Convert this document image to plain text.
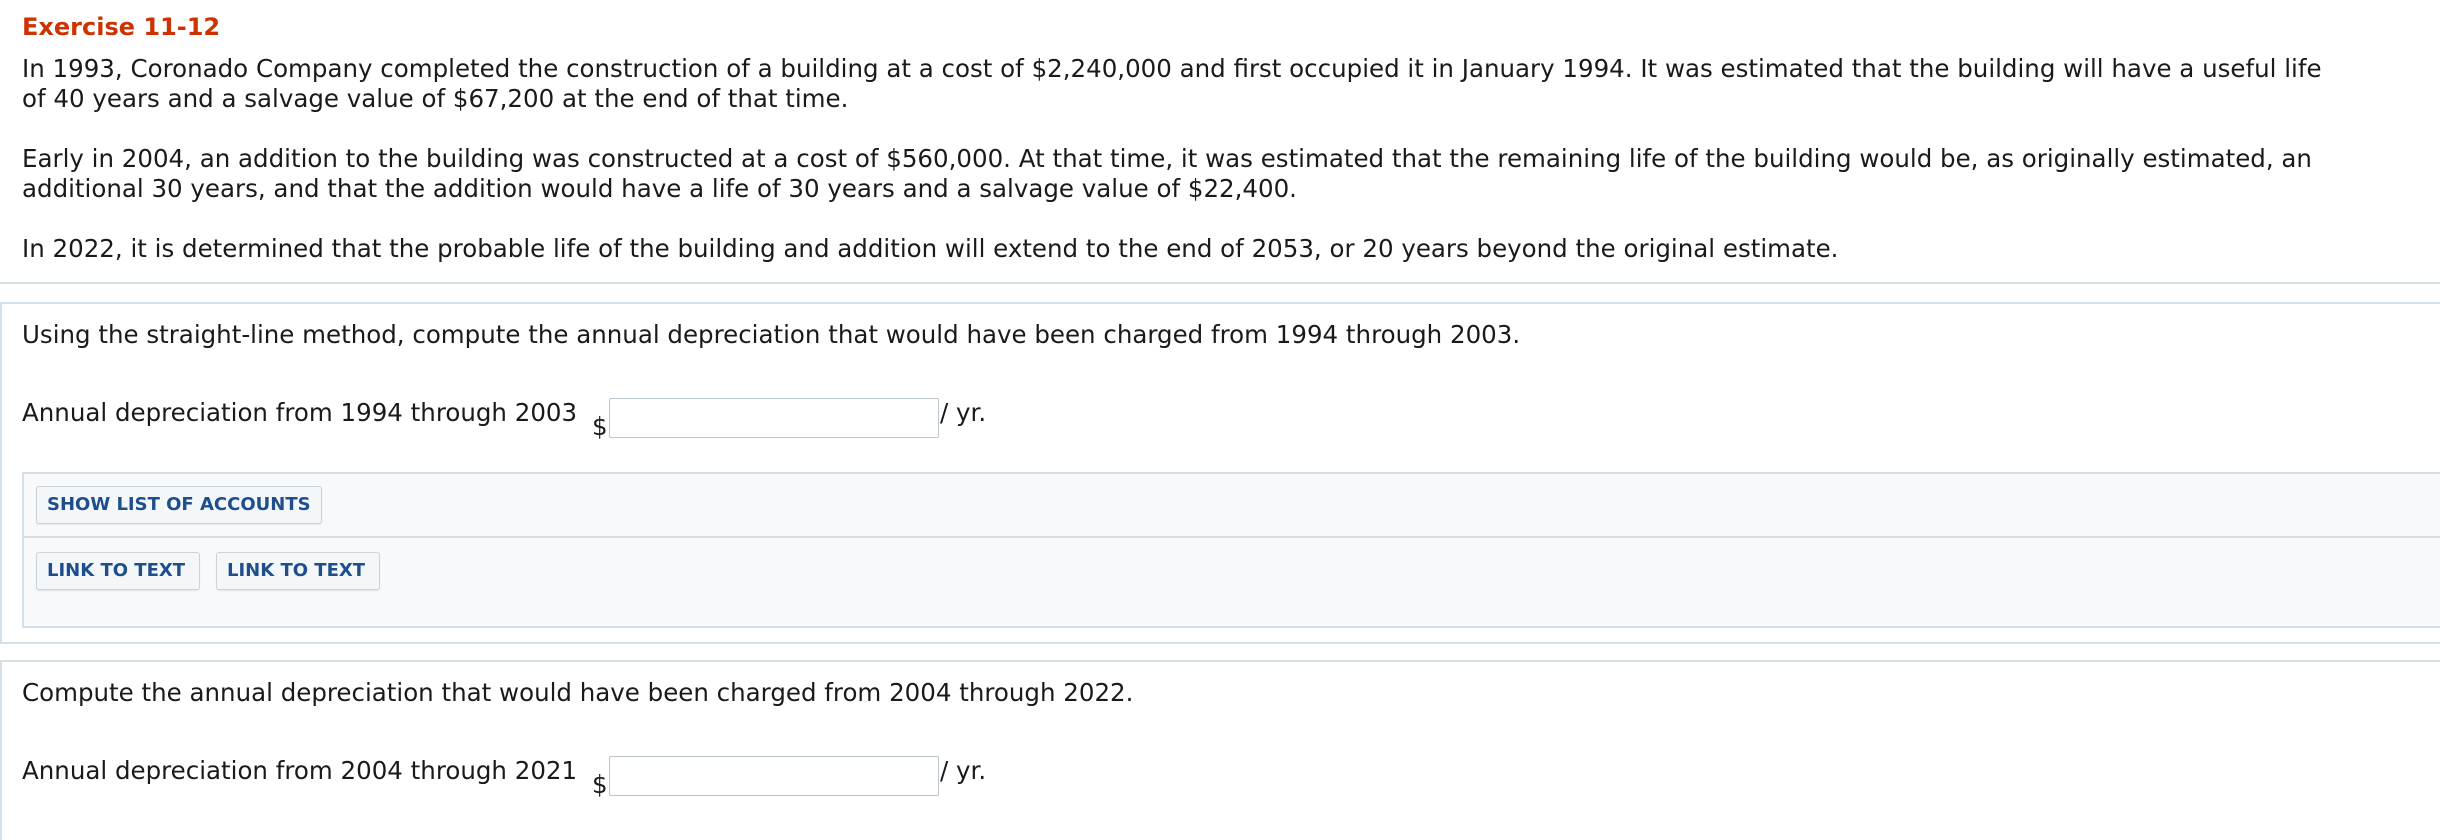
Exercise 11-12
In 1993, Coronado Company completed the construction of a building at a cost of $2,240,000 and first occupied it in January 1994. It was estimated that the building will have a useful life
of 40 years and a salvage value of $67,200 at the end of that time.
Early in 2004, an addition to the building was constructed at a cost of $560,000. At that time, it was estimated that the remaining life of the building would be, as originally estimated, an
additional 30 years, and that the addition would have a life of 30 years and a salvage value of $22,400.
In 2022, it is determined that the probable life of the building and addition will extend to the end of 2053, or 20 years beyond the original estimate.
Using the straight-line method, compute the annual depreciation that would have been charged from 1994 through 2003.
Annual depreciation from 1994 through 2003 $	/ yr.
SHOW LIST OF ACCOUNTS
LINK TO TEXT	LINK TO TEXT
Compute the annual depreciation that would have been charged from 2004 through 2022.
Annual depreciation from 2004 through 2021 $	/ yr.
